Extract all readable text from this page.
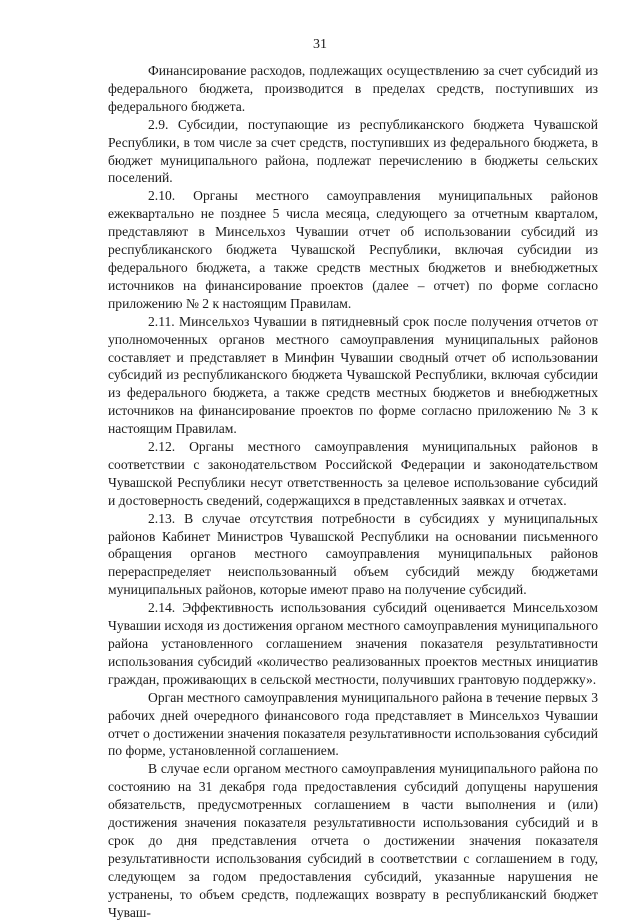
31

Финансирование расходов, подлежащих осуществлению за счет субсидий из федерального бюджета, производится в пределах средств, поступивших из федерального бюджета.

2.9. Субсидии, поступающие из республиканского бюджета Чувашской Республики, в том числе за счет средств, поступивших из федерального бюджета, в бюджет муниципального района, подлежат перечислению в бюджеты сельских поселений.

2.10. Органы местного самоуправления муниципальных районов ежеквартально не позднее 5 числа месяца, следующего за отчетным кварталом, представляют в Минсельхоз Чувашии отчет об использовании субсидий из республиканского бюджета Чувашской Республики, включая субсидии из федерального бюджета, а также средств местных бюджетов и внебюджетных источников на финансирование проектов (далее – отчет) по форме согласно приложению № 2 к настоящим Правилам.

2.11. Минсельхоз Чувашии в пятидневный срок после получения отчетов от уполномоченных органов местного самоуправления муниципальных районов составляет и представляет в Минфин Чувашии сводный отчет об использовании субсидий из республиканского бюджета Чувашской Республики, включая субсидии из федерального бюджета, а также средств местных бюджетов и внебюджетных источников на финансирование проектов по форме согласно приложению № 3 к настоящим Правилам.

2.12. Органы местного самоуправления муниципальных районов в соответствии с законодательством Российской Федерации и законодательством Чувашской Республики несут ответственность за целевое использование субсидий и достоверность сведений, содержащихся в представленных заявках и отчетах.

2.13. В случае отсутствия потребности в субсидиях у муниципальных районов Кабинет Министров Чувашской Республики на основании письменного обращения органов местного самоуправления муниципальных районов перераспределяет неиспользованный объем субсидий между бюджетами муниципальных районов, которые имеют право на получение субсидий.

2.14. Эффективность использования субсидий оценивается Минсельхозом Чувашии исходя из достижения органом местного самоуправления муниципального района установленного соглашением значения показателя результативности использования субсидий «количество реализованных проектов местных инициатив граждан, проживающих в сельской местности, получивших грантовую поддержку».

Орган местного самоуправления муниципального района в течение первых 3 рабочих дней очередного финансового года представляет в Минсельхоз Чувашии отчет о достижении значения показателя результативности использования субсидий по форме, установленной соглашением.

В случае если органом местного самоуправления муниципального района по состоянию на 31 декабря года предоставления субсидий допущены нарушения обязательств, предусмотренных соглашением в части выполнения и (или) достижения значения показателя результативности использования субсидий и в срок до дня представления отчета о достижении значения показателя результативности использования субсидий в соответствии с соглашением в году, следующем за годом предоставления субсидий, указанные нарушения не устранены, то объем средств, подлежащих возврату в республиканский бюджет Чуваш-
